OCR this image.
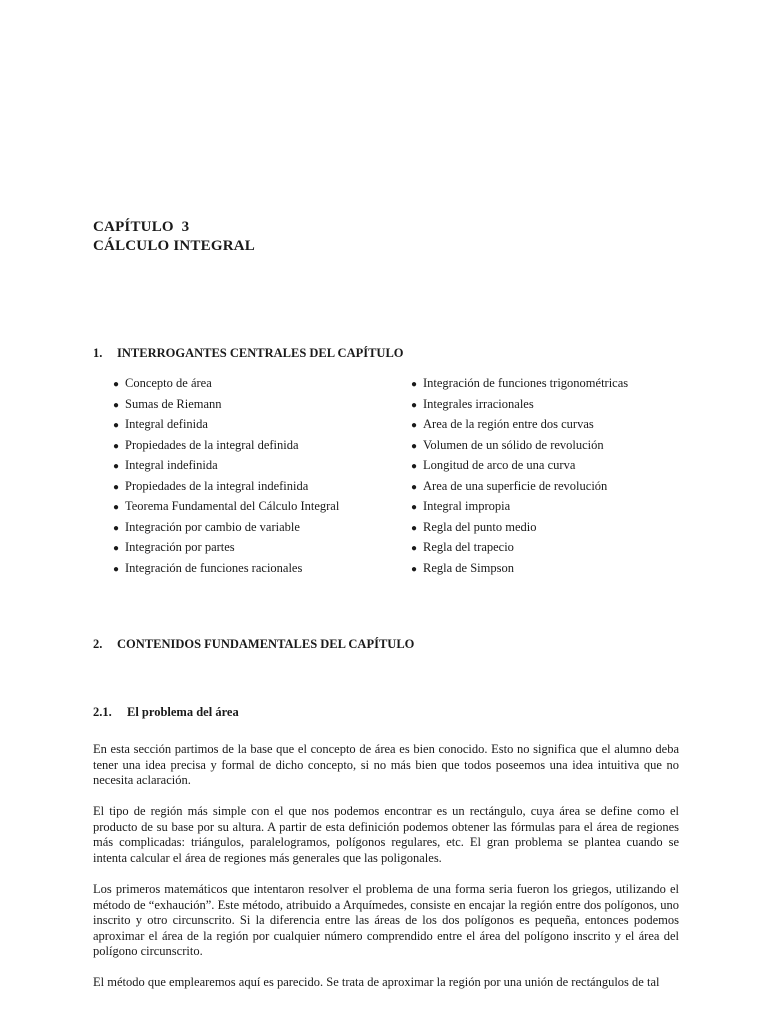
CAPÍTULO  3
CÁLCULO INTEGRAL
1. INTERROGANTES CENTRALES DEL CAPÍTULO
● Concepto de área
● Sumas de Riemann
● Integral definida
● Propiedades de la integral definida
● Integral indefinida
● Propiedades de la integral indefinida
● Teorema Fundamental del Cálculo Integral
● Integración por cambio de variable
● Integración por partes
● Integración de funciones racionales
● Integración de funciones trigonométricas
● Integrales irracionales
● Area de la región entre dos curvas
● Volumen de un sólido de revolución
● Longitud de arco de una curva
● Area de una superficie de revolución
● Integral impropia
● Regla del punto medio
● Regla del trapecio
● Regla de Simpson
2. CONTENIDOS FUNDAMENTALES DEL CAPÍTULO
2.1. El problema del área

En esta sección partimos de la base que el concepto de área es bien conocido. Esto no significa que el alumno deba tener una idea precisa y formal de dicho concepto, si no más bien que todos poseemos una idea intuitiva que no necesita aclaración.

El tipo de región más simple con el que nos podemos encontrar es un rectángulo, cuya área se define como el producto de su base por su altura. A partir de esta definición podemos obtener las fórmulas para el área de regiones más complicadas: triángulos, paralelogramos, polígonos regulares, etc. El gran problema se plantea cuando se intenta calcular el área de regiones más generales que las poligonales.

Los primeros matemáticos que intentaron resolver el problema de una forma seria fueron los griegos, utilizando el método de “exhaución”. Este método, atribuido a Arquímedes, consiste en encajar la región entre dos polígonos, uno inscrito y otro circunscrito. Si la diferencia entre las áreas de los dos polígonos es pequeña, entonces podemos aproximar el área de la región por cualquier número comprendido entre el área del polígono inscrito y el área del polígono circunscrito.

El método que emplearemos aquí es parecido. Se trata de aproximar la región por una unión de rectángulos de tal
